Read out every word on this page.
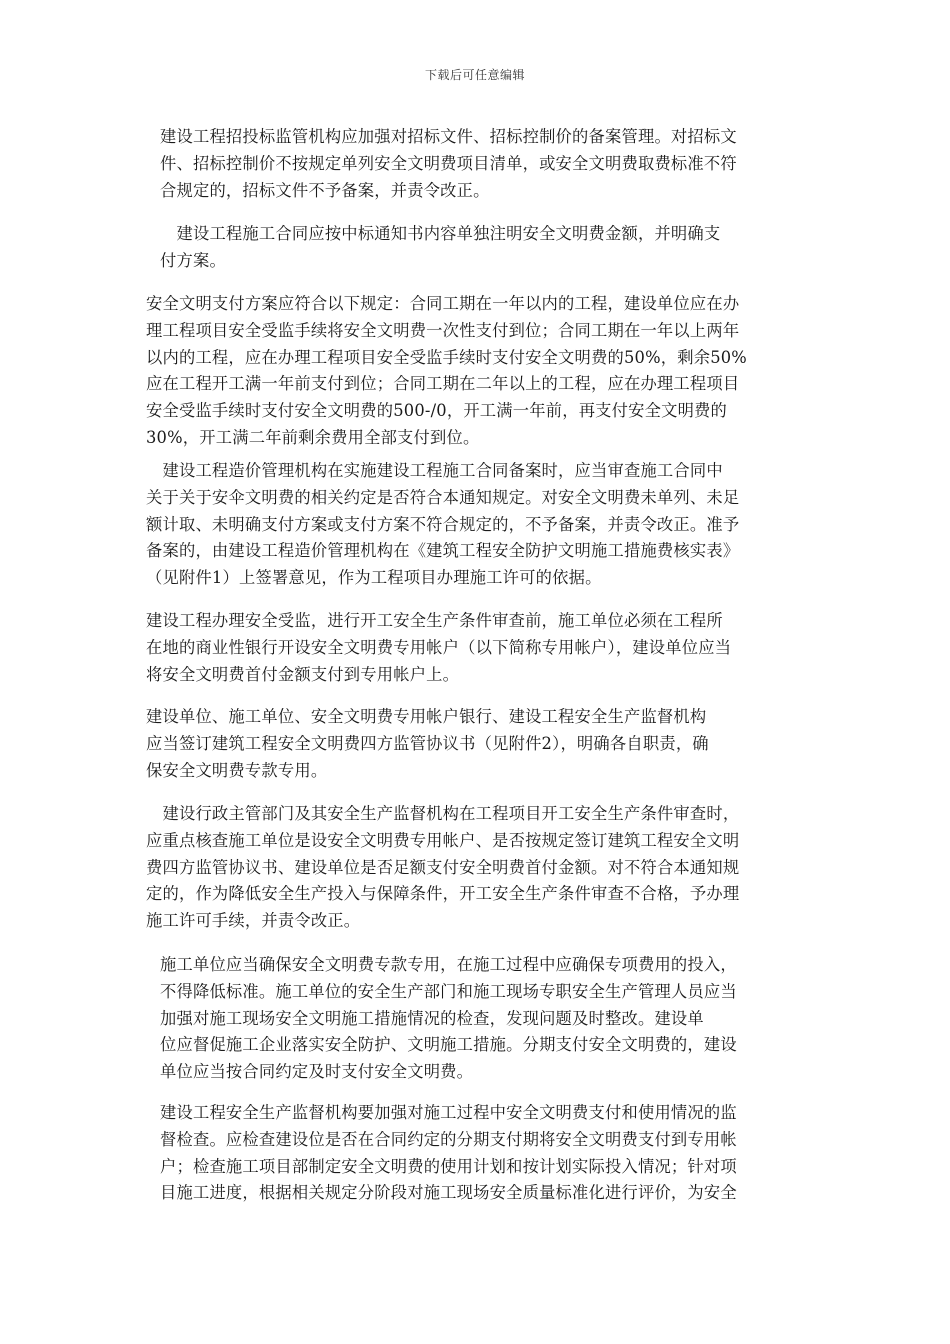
下载后可任意编辑
建设工程招投标监管机构应加强对招标文件、招标控制价的备案管理。对招标文
件、招标控制价不按规定单列安全文明费项目清单，或安全文明费取费标准不符
合规定的，招标文件不予备案，并责令改正。
　建设工程施工合同应按中标通知书内容单独注明安全文明费金额，并明确支
付方案。
安全文明支付方案应符合以下规定：合同工期在一年以内的工程，建设单位应在办
理工程项目安全受监手续将安全文明费一次性支付到位；合同工期在一年以上两年
以内的工程，应在办理工程项目安全受监手续时支付安全文明费的50%，剩余50%
应在工程开工满一年前支付到位；合同工期在二年以上的工程，应在办理工程项目
安全受监手续时支付安全文明费的500-/0，开工满一年前，再支付安全文明费的
30%，开工满二年前剩余费用全部支付到位。
　建设工程造价管理机构在实施建设工程施工合同备案时，应当审查施工合同中
关于关于安伞文明费的相关约定是否符合本通知规定。对安全文明费未单列、未足
额计取、未明确支付方案或支付方案不符合规定的，不予备案，并责令改正。准予
备案的，由建设工程造价管理机构在《建筑工程安全防护文明施工措施费核实表》
（见附件1）上签署意见，作为工程项目办理施工许可的依据。
建设工程办理安全受监，进行开工安全生产条件审查前，施工单位必须在工程所
在地的商业性银行开设安全文明费专用帐户（以下简称专用帐户），建设单位应当
将安全文明费首付金额支付到专用帐户上。
建设单位、施工单位、安全文明费专用帐户银行、建设工程安全生产监督机构
应当签订建筑工程安全文明费四方监管协议书（见附件2），明确各自职责，确
保安全文明费专款专用。
　建设行政主管部门及其安全生产监督机构在工程项目开工安全生产条件审查时，
应重点核查施工单位是设安全文明费专用帐户、是否按规定签订建筑工程安全文明
费四方监管协议书、建设单位是否足额支付安全明费首付金额。对不符合本通知规
定的，作为降低安全生产投入与保障条件，开工安全生产条件审查不合格，予办理
施工许可手续，并责令改正。
施工单位应当确保安全文明费专款专用，在施工过程中应确保专项费用的投入，
不得降低标准。施工单位的安全生产部门和施工现场专职安全生产管理人员应当
加强对施工现场安全文明施工措施情况的检查，发现问题及时整改。建设单
位应督促施工企业落实安全防护、文明施工措施。分期支付安全文明费的，建设
单位应当按合同约定及时支付安全文明费。
建设工程安全生产监督机构要加强对施工过程中安全文明费支付和使用情况的监
督检查。应检查建设位是否在合同约定的分期支付期将安全文明费支付到专用帐
户；检查施工项目部制定安全文明费的使用计划和按计划实际投入情况；针对项
目施工进度，根据相关规定分阶段对施工现场安全质量标准化进行评价，为安全
